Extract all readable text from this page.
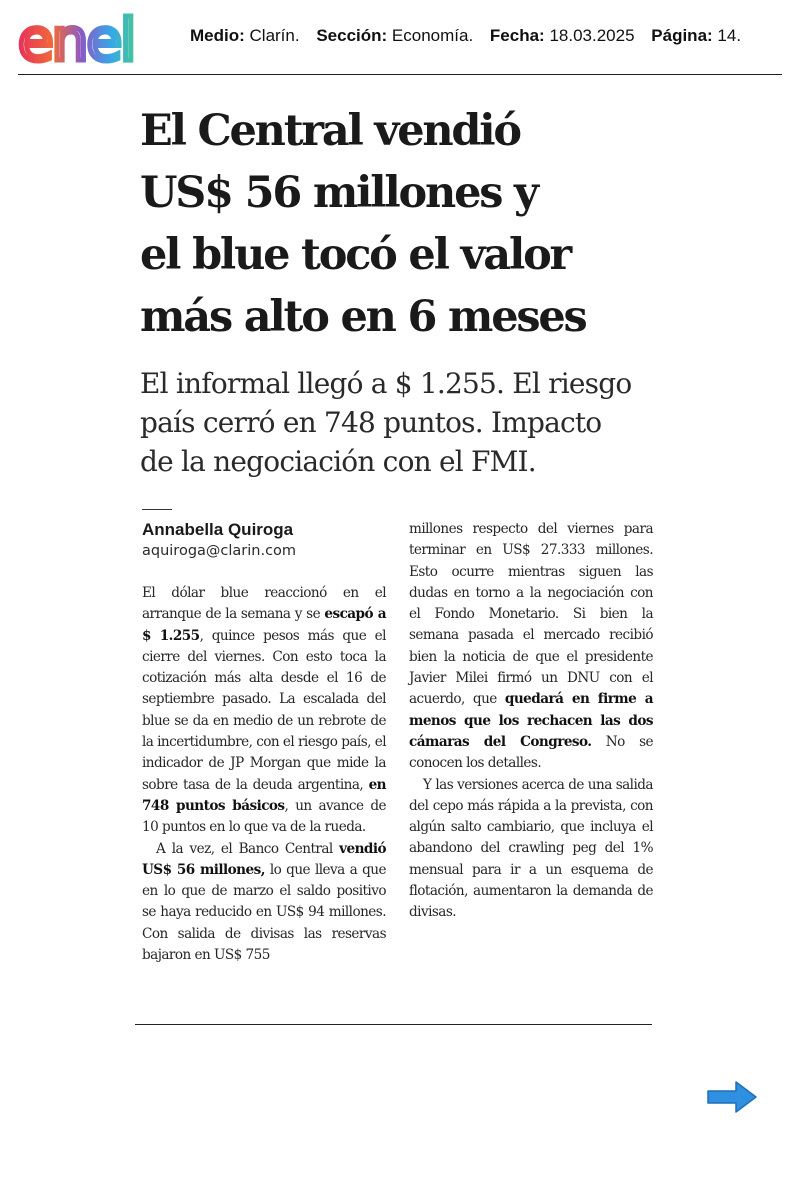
enel	Medio: Clarín. Sección: Economía. Fecha: 18.03.2025 Página: 14.
El Central vendió
US$ 56 millones y
el blue tocó el valor
más alto en 6 meses
El informal llegó a $ 1.255. El riesgo
país cerró en 748 puntos. Impacto
de la negociación con el FMI.
Annabella Quiroga
aquiroga@clarin.com

El dólar blue reaccionó en el arranque de la semana y se escapó a $ 1.255, quince pesos más que el cierre del viernes. Con esto toca la cotización más alta desde el 16 de septiembre pasado. La escalada del blue se da en medio de un rebrote de la incertidumbre, con el riesgo país, el indicador de JP Morgan que mide la sobre tasa de la deuda argentina, en 748 puntos básicos, un avance de 10 puntos en lo que va de la rueda.

A la vez, el Banco Central vendió US$ 56 millones, lo que lleva a que en lo que de marzo el saldo positivo se haya reducido en US$ 94 millones. Con salida de divisas las reservas bajaron en US$ 755

millones respecto del viernes para terminar en US$ 27.333 millones. Esto ocurre mientras siguen las dudas en torno a la negociación con el Fondo Monetario. Si bien la semana pasada el mercado recibió bien la noticia de que el presidente Javier Milei firmó un DNU con el acuerdo, que quedará en firme a menos que los rechacen las dos cámaras del Congreso. No se conocen los detalles.

Y las versiones acerca de una salida del cepo más rápida a la prevista, con algún salto cambiario, que incluya el abandono del crawling peg del 1% mensual para ir a un esquema de flotación, aumentaron la demanda de divisas.
